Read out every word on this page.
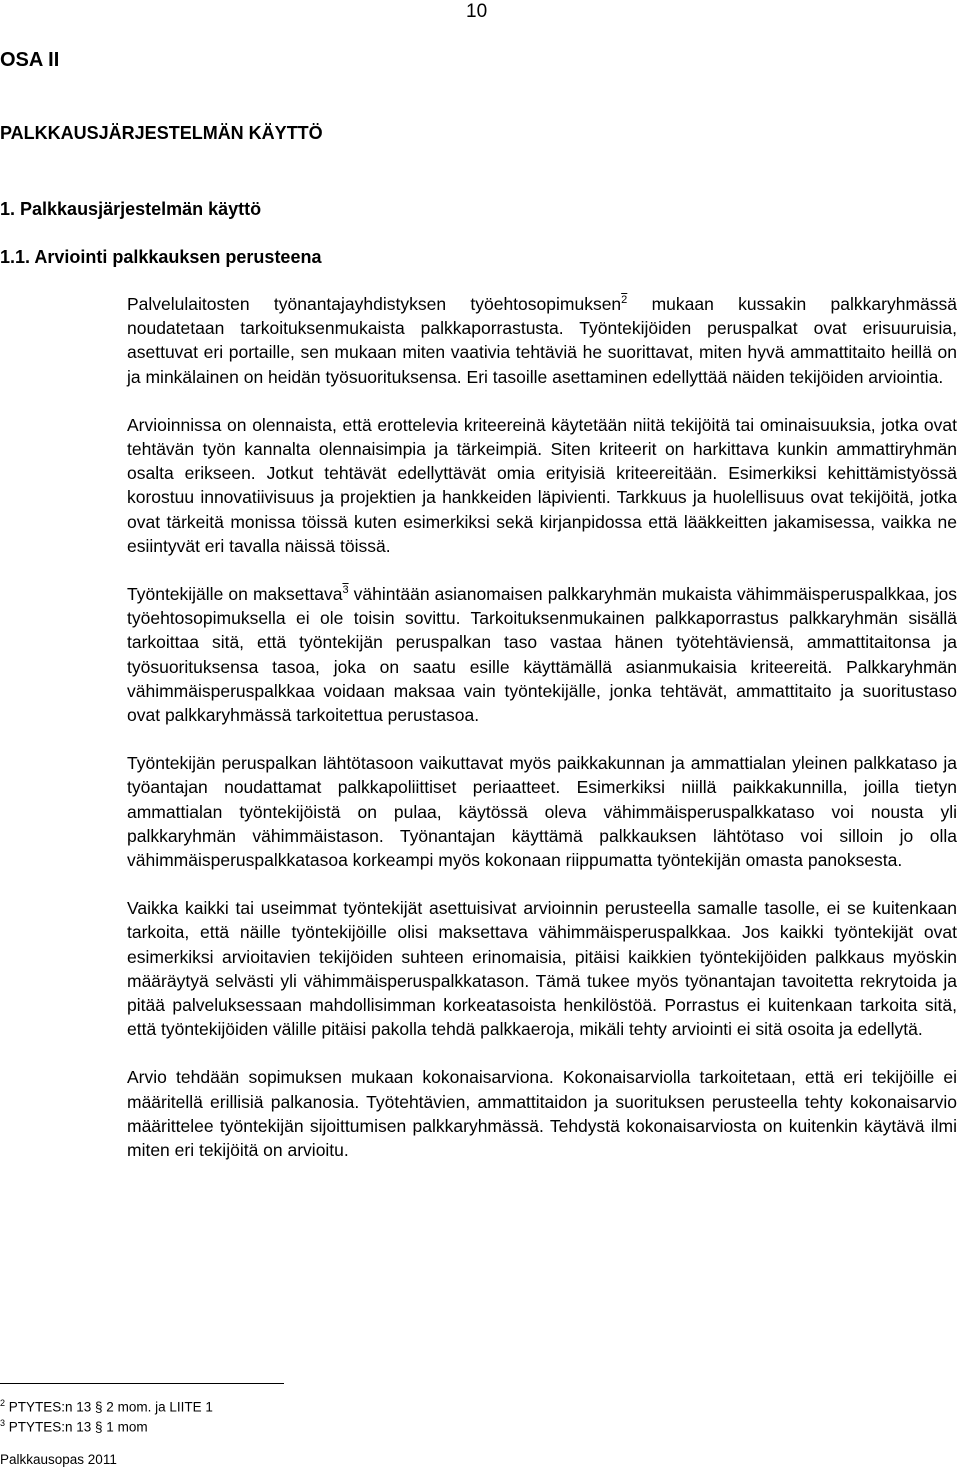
10
OSA II
PALKKAUSJÄRJESTELMÄN KÄYTTÖ
1. Palkkausjärjestelmän käyttö
1.1. Arviointi palkkauksen perusteena

Palvelulaitosten työnantajayhdistyksen työehtosopimuksen$^2$ mukaan kussakin palkkaryhmässä noudatetaan tarkoituksenmukaista palkkaporrastusta. Työntekijöiden peruspalkat ovat erisuuruisia, asettuvat eri portaille, sen mukaan miten vaativia tehtäviä he suorittavat, miten hyvä ammattitaito heillä on ja minkälainen on heidän työsuorituksensa. Eri tasoille asettaminen edellyttää näiden tekijöiden arviointia.

Arvioinnissa on olennaista, että erottelevia kriteereinä käytetään niitä tekijöitä tai ominaisuuksia, jotka ovat tehtävän työn kannalta olennaisimpia ja tärkeimpiä. Siten kriteerit on harkittava kunkin ammattiryhmän osalta erikseen. Jotkut tehtävät edellyttävät omia erityisiä kriteereitään. Esimerkiksi kehittämistyössä korostuu innovatiivisuus ja projektien ja hankkeiden läpivienti. Tarkkuus ja huolellisuus ovat tekijöitä, jotka ovat tärkeitä monissa töissä kuten esimerkiksi sekä kirjanpidossa että lääkkeitten jakamisessa, vaikka ne esiintyvät eri tavalla näissä töissä.

Työntekijälle on maksettava$^3$ vähintään asianomaisen palkkaryhmän mukaista vähimmäisperuspalkkaa, jos työehtosopimuksella ei ole toisin sovittu. Tarkoituksenmukainen palkkaporrastus palkkaryhmän sisällä tarkoittaa sitä, että työntekijän peruspalkan taso vastaa hänen työtehtäviensä, ammattitaitonsa ja työsuorituksensa tasoa, joka on saatu esille käyttämällä asianmukaisia kriteereitä. Palkkaryhmän vähimmäisperuspalkkaa voidaan maksaa vain työntekijälle, jonka tehtävät, ammattitaito ja suoritustaso ovat palkkaryhmässä tarkoitettua perustasoa.

Työntekijän peruspalkan lähtötasoon vaikuttavat myös paikkakunnan ja ammattialan yleinen palkkataso ja työantajan noudattamat palkkapoliittiset periaatteet. Esimerkiksi niillä paikkakunnilla, joilla tietyn ammattialan työntekijöistä on pulaa, käytössä oleva vähimmäisperuspalkkataso voi nousta yli palkkaryhmän vähimmäistason. Työnantajan käyttämä palkkauksen lähtötaso voi silloin jo olla vähimmäisperuspalkkatasoa korkeampi myös kokonaan riippumatta työntekijän omasta panoksesta.

Vaikka kaikki tai useimmat työntekijät asettuisivat arvioinnin perusteella samalle tasolle, ei se kuitenkaan tarkoita, että näille työntekijöille olisi maksettava vähimmäisperuspalkkaa. Jos kaikki työntekijät ovat esimerkiksi arvioitavien tekijöiden suhteen erinomaisia, pitäisi kaikkien työntekijöiden palkkaus myöskin määräytyä selvästi yli vähimmäisperuspalkkatason. Tämä tukee myös työnantajan tavoitetta rekrytoida ja pitää palveluksessaan mahdollisimman korkeatasoista henkilöstöä. Porrastus ei kuitenkaan tarkoita sitä, että työntekijöiden välille pitäisi pakolla tehdä palkkaeroja, mikäli tehty arviointi ei sitä osoita ja edellytä.

Arvio tehdään sopimuksen mukaan kokonaisarviona. Kokonaisarviolla tarkoitetaan, että eri tekijöille ei määritellä erillisiä palkanosia. Työtehtävien, ammattitaidon ja suorituksen perusteella tehty kokonaisarvio määrittelee työntekijän sijoittumisen palkkaryhmässä. Tehdystä kokonaisarviosta on kuitenkin käytävä ilmi miten eri tekijöitä on arvioitu.

$^2$ PTYTES:n 13 § 2 mom. ja LIITE 1
$^3$ PTYTES:n 13 § 1 mom
Palkkausopas 2011
